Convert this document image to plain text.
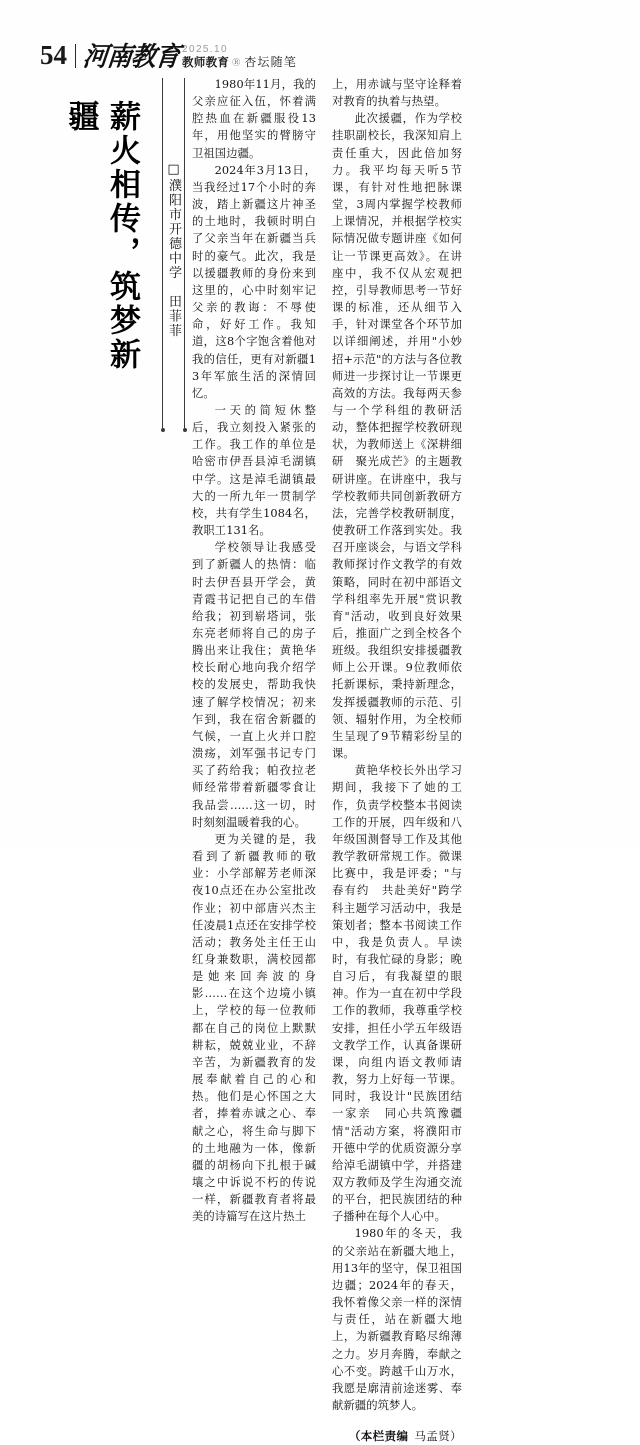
54 河南教育 2025.10
教师教育 Ⓡ 杏坛随笔
薪火相传，筑梦新疆
□濮阳市开德中学　田菲菲

1980年11月，我的父亲应征入伍，怀着满腔热血在新疆服役13年，用他坚实的臂膀守卫祖国边疆。

2024年3月13日，当我经过17个小时的奔波，踏上新疆这片神圣的土地时，我顿时明白了父亲当年在新疆当兵时的豪气。此次，我是以援疆教师的身份来到这里的，心中时刻牢记父亲的教诲：不辱使命，好好工作。我知道，这8个字饱含着他对我的信任，更有对新疆13年军旅生活的深情回忆。

一天的简短休整后，我立刻投入紧张的工作。我工作的单位是哈密市伊吾县淖毛湖镇中学。这是淖毛湖镇最大的一所九年一贯制学校，共有学生1084名，教职工131名。

学校领导让我感受到了新疆人的热情：临时去伊吾县开学会，黄青霞书记把自己的车借给我；初到崭塔词，张东亮老师将自己的房子腾出来让我住；黄艳华校长耐心地向我介绍学校的发展史，帮助我快速了解学校情况；初来乍到，我在宿舍新疆的气候，一直上火并口腔溃疡，刘军强书记专门买了药给我；帕孜拉老师经常带着新疆零食让我品尝……这一切，时时刻刻温暖着我的心。

更为关键的是，我看到了新疆教师的敬业：小学部解芳老师深夜10点还在办公室批改作业；初中部唐兴杰主任凌晨1点还在安排学校活动；教务处主任王山红身兼数职，满校园都是她来回奔波的身影……在这个边境小镇上，学校的每一位教师都在自己的岗位上默默耕耘，兢兢业业，不辞辛苦，为新疆教育的发展奉献着自己的心和热。他们是心怀国之大者，捧着赤诚之心、奉献之心，将生命与脚下的土地融为一体，像新疆的胡杨向下扎根于碱壤之中诉说不朽的传说一样，新疆教育者将最美的诗篇写在这片热土

上，用赤诚与坚守诠释着对教育的执着与热望。

此次援疆，作为学校挂职副校长，我深知肩上责任重大，因此倍加努力。我平均每天听5节课，有针对性地把脉课堂，3周内掌握学校教师上课情况，并根据学校实际情况做专题讲座《如何让一节课更高效》。在讲座中，我不仅从宏观把控，引导教师思考一节好课的标准，还从细节入手，针对课堂各个环节加以详细阐述，并用"小妙招+示范"的方法与各位教师进一步探讨让一节课更高效的方法。我每两天参与一个学科组的教研活动，整体把握学校教研现状，为教师送上《深耕细研　聚光成芒》的主题教研讲座。在讲座中，我与学校教师共同创新教研方法，完善学校教研制度，使教研工作落到实处。我召开座谈会，与语文学科教师探讨作文教学的有效策略，同时在初中部语文学科组率先开展"赏识教育"活动，收到良好效果后，推面广之到全校各个班级。我组织安排援疆教师上公开课。9位教师依托新课标，秉持新理念，发挥援疆教师的示范、引领、辐射作用，为全校师生呈现了9节精彩纷呈的课。

黄艳华校长外出学习期间，我接下了她的工作，负责学校整本书阅读工作的开展，四年级和八年级国测督导工作及其他教学教研常规工作。微课比赛中，我是评委；"与春有约　共赴美好"跨学科主题学习活动中，我是策划者；整本书阅读工作中，我是负责人。早读时，有我忙碌的身影；晚自习后，有我凝望的眼神。作为一直在初中学段工作的教师，我尊重学校安排，担任小学五年级语文教学工作，认真备课研课，向组内语文教师请教，努力上好每一节课。同时，我设计"民族团结一家亲　同心共筑豫疆情"活动方案，将濮阳市开德中学的优质资源分享给淖毛湖镇中学，并搭建双方教师及学生沟通交流的平台，把民族团结的种子播种在每个人心中。

1980年的冬天，我的父亲站在新疆大地上，用13年的坚守，保卫祖国边疆；2024年的春天，我怀着像父亲一样的深情与责任，站在新疆大地上，为新疆教育略尽绵薄之力。岁月奔腾，奉献之心不变。跨越千山万水，我愿是廓清前途迷雾、奉献新疆的筑梦人。

（本栏责编 马孟贤）
